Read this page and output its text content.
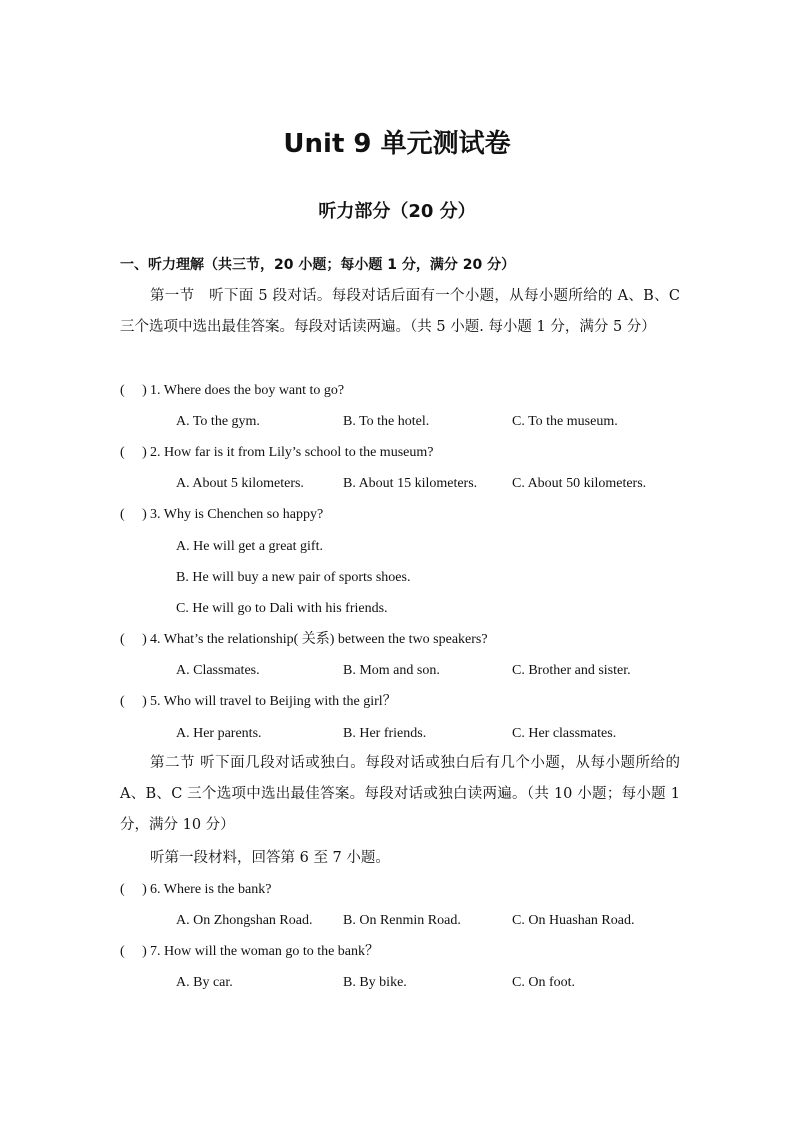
Unit 9 单元测试卷
听力部分（20 分）
一、听力理解（共三节，20 小题；每小题 1 分，满分 20 分）
第一节　听下面 5 段对话。每段对话后面有一个小题，从每小题所给的 A、B、C 三个选项中选出最佳答案。每段对话读两遍。（共 5 小题. 每小题 1 分，满分 5 分）
(　 ) 1. Where does the boy want to go?
A. To the gym.	B. To the hotel.	C. To the museum.
(　 ) 2. How far is it from Lily’s school to the museum?
A. About 5 kilometers.	B. About 15 kilometers. C. About 50 kilometers.
(　 ) 3. Why is Chenchen so happy?
A. He will get a great gift.
B. He will buy a new pair of sports shoes.
C. He will go to Dali with his friends.
(　 ) 4. What’s the relationship( 关系) between the two speakers?
A. Classmates.	B. Mom and son.	C. Brother and sister.
(　 ) 5. Who will travel to Beijing with the girl？
A. Her parents.	B. Her friends.	C. Her classmates.
第二节 听下面几段对话或独白。每段对话或独白后有几个小题，从每小题所给的 A、B、C 三个选项中选出最佳答案。每段对话或独白读两遍。（共 10 小题；每小题 1 分，满分 10 分）
听第一段材料，回答第 6 至 7 小题。
(　 ) 6. Where is the bank?
A. On Zhongshan Road. B. On Renmin Road.	C. On Huashan Road.
(　 ) 7. How will the woman go to the bank？
A. By car.	B. By bike.	C. On foot.
